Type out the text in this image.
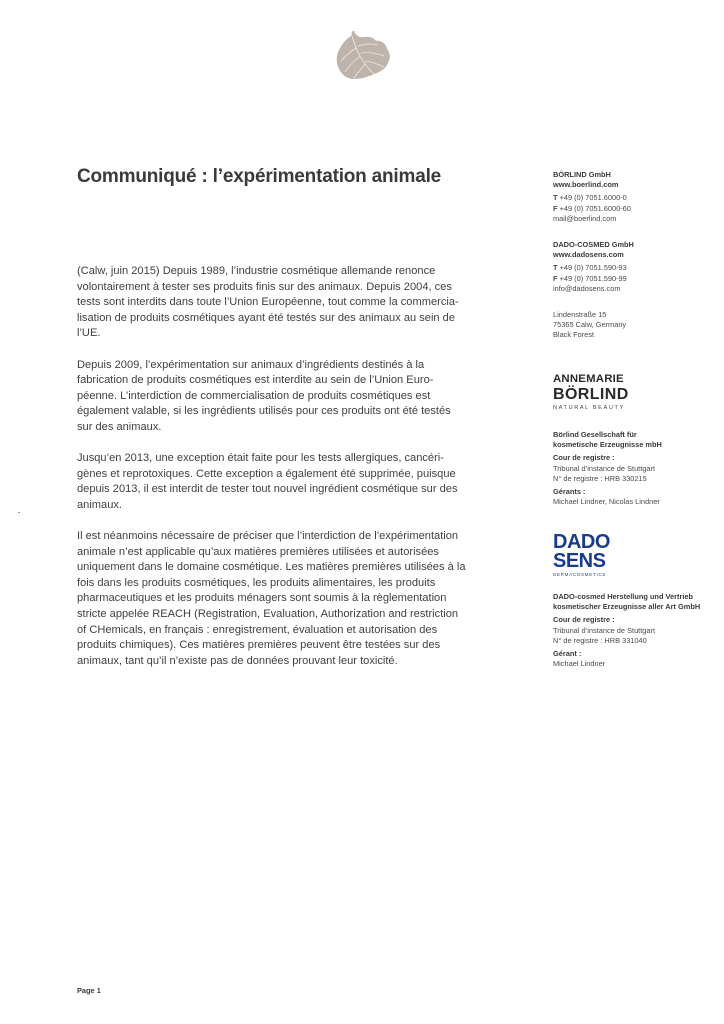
Communiqué : l’expérimentation animale

(Calw, juin 2015) Depuis 1989, l’industrie cosmétique allemande renonce
volontairement à tester ses produits finis sur des animaux. Depuis 2004, ces
tests sont interdits dans toute l’Union Européenne, tout comme la commercia-
lisation de produits cosmétiques ayant été testés sur des animaux au sein de
l’UE.

Depuis 2009, l’expérimentation sur animaux d’ingrédients destinés à la
fabrication de produits cosmétiques est interdite au sein de l’Union Euro-
péenne. L’interdiction de commercialisation de produits cosmétiques est
également valable, si les ingrédients utilisés pour ces produits ont été testés
sur des animaux.

Jusqu’en 2013, une exception était faite pour les tests allergiques, cancéri-
gènes et reprotoxiques. Cette exception a également été supprimée, puisque
depuis 2013, il est interdit de tester tout nouvel ingrédient cosmétique sur des
animaux.

Il est néanmoins nécessaire de préciser que l’interdiction de l’expérimentation
animale n’est applicable qu’aux matières premières utilisées et autorisées
uniquement dans le domaine cosmétique. Les matières premières utilisées à la
fois dans les produits cosmétiques, les produits alimentaires, les produits
pharmaceutiques et les produits ménagers sont soumis à la règlementation
stricte appelée REACH (Registration, Evaluation, Authorization and restriction
of CHemicals, en français : enregistrement, évaluation et autorisation des
produits chimiques). Ces matières premières peuvent être testées sur des
animaux, tant qu’il n’existe pas de données prouvant leur toxicité.

BÖRLIND GmbH
www.boerlind.com
T +49 (0) 7051.6000-0
F +49 (0) 7051.6000-60
mail@boerlind.com
DADO-COSMED GmbH
www.dadosens.com
T +49 (0) 7051.590-93
F +49 (0) 7051.590-99
info@dadosens.com
Lindenstraße 15
75365 Calw, Germany
Black Forest
ANNEMARIE
BÖRLIND
NATURAL BEAUTY
Börlind Gesellschaft für
kosmetische Erzeugnisse mbH
Cour de registre :
Tribunal d’instance de Stuttgart
N° de registre : HRB 330215
Gérants :
Michael Lindner, Nicolas Lindner
DADO
SENS
DERMACOSMETICS
DADO-cosmed Herstellung und Vertrieb
kosmetischer Erzeugnisse aller Art GmbH
Cour de registre :
Tribunal d’instance de Stuttgart
N° de registre : HRB 331040
Gérant :
Michael Lindner
Page 1
